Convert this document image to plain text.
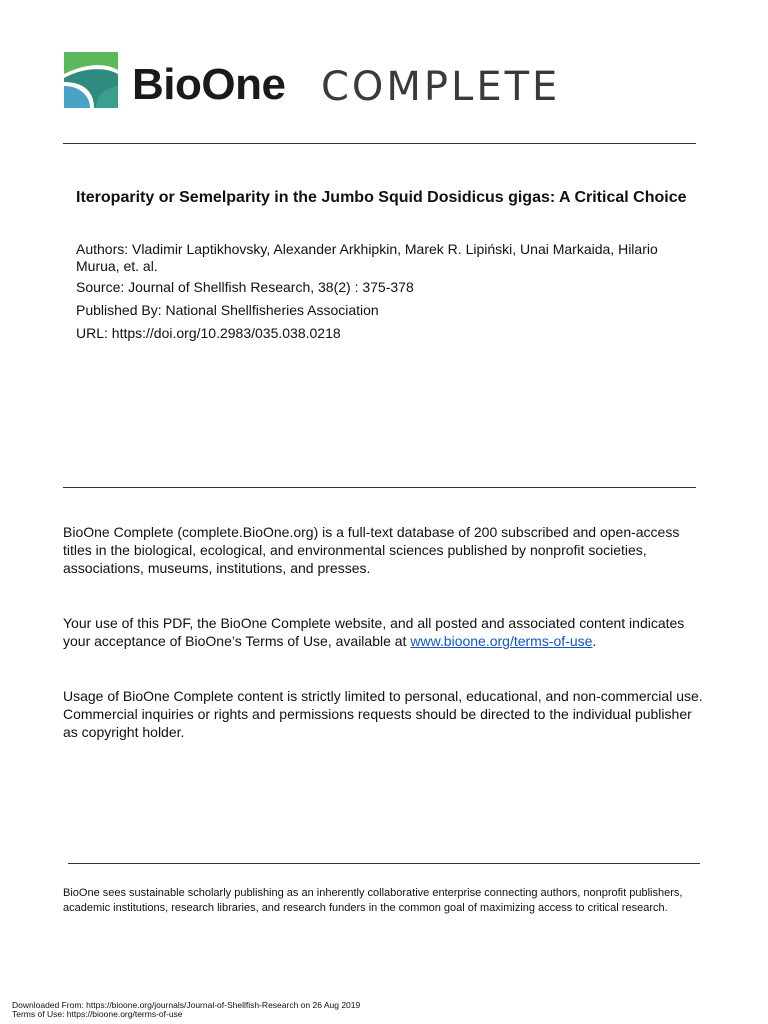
BioOne COMPLETE
Iteroparity or Semelparity in the Jumbo Squid Dosidicus gigas: A Critical Choice
Authors: Vladimir Laptikhovsky, Alexander Arkhipkin, Marek R. Lipiński, Unai Markaida, Hilario Murua, et. al.
Source: Journal of Shellfish Research, 38(2) : 375-378
Published By: National Shellfisheries Association
URL: https://doi.org/10.2983/035.038.0218
BioOne Complete (complete.BioOne.org) is a full-text database of 200 subscribed and open-access titles in the biological, ecological, and environmental sciences published by nonprofit societies, associations, museums, institutions, and presses.
Your use of this PDF, the BioOne Complete website, and all posted and associated content indicates your acceptance of BioOne’s Terms of Use, available at www.bioone.org/terms-of-use.
Usage of BioOne Complete content is strictly limited to personal, educational, and non-commercial use. Commercial inquiries or rights and permissions requests should be directed to the individual publisher as copyright holder.
BioOne sees sustainable scholarly publishing as an inherently collaborative enterprise connecting authors, nonprofit publishers, academic institutions, research libraries, and research funders in the common goal of maximizing access to critical research.
Downloaded From: https://bioone.org/journals/Journal-of-Shellfish-Research on 26 Aug 2019
Terms of Use: https://bioone.org/terms-of-use
